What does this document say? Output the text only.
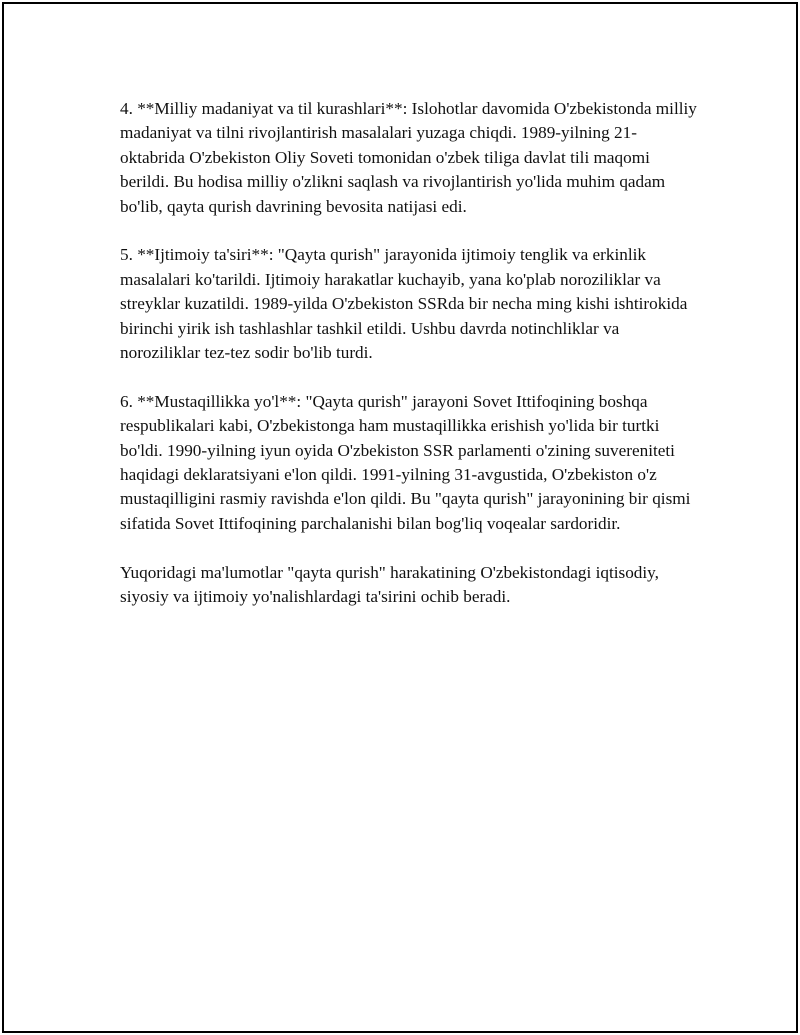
4. **Milliy madaniyat va til kurashlari**: Islohotlar davomida O'zbekistonda milliy madaniyat va tilni rivojlantirish masalalari yuzaga chiqdi. 1989-yilning 21-oktabrida O'zbekiston Oliy Soveti tomonidan o'zbek tiliga davlat tili maqomi berildi. Bu hodisa milliy o'zlikni saqlash va rivojlantirish yo'lida muhim qadam bo'lib, qayta qurish davrining bevosita natijasi edi.

5. **Ijtimoiy ta'siri**: "Qayta qurish" jarayonida ijtimoiy tenglik va erkinlik masalalari ko'tarildi. Ijtimoiy harakatlar kuchayib, yana ko'plab noroziliklar va streyklar kuzatildi. 1989-yilda O'zbekiston SSRda bir necha ming kishi ishtirokida birinchi yirik ish tashlashlar tashkil etildi. Ushbu davrda notinchliklar va noroziliklar tez-tez sodir bo'lib turdi.

6. **Mustaqillikka yo'l**: "Qayta qurish" jarayoni Sovet Ittifoqining boshqa respublikalari kabi, O'zbekistonga ham mustaqillikka erishish yo'lida bir turtki bo'ldi. 1990-yilning iyun oyida O'zbekiston SSR parlamenti o'zining suvereniteti haqidagi deklaratsiyani e'lon qildi. 1991-yilning 31-avgustida, O'zbekiston o'z mustaqilligini rasmiy ravishda e'lon qildi. Bu "qayta qurish" jarayonining bir qismi sifatida Sovet Ittifoqining parchalanishi bilan bog'liq voqealar sardoridir.

Yuqoridagi ma'lumotlar "qayta qurish" harakatining O'zbekistondagi iqtisodiy, siyosiy va ijtimoiy yo'nalishlardagi ta'sirini ochib beradi.
